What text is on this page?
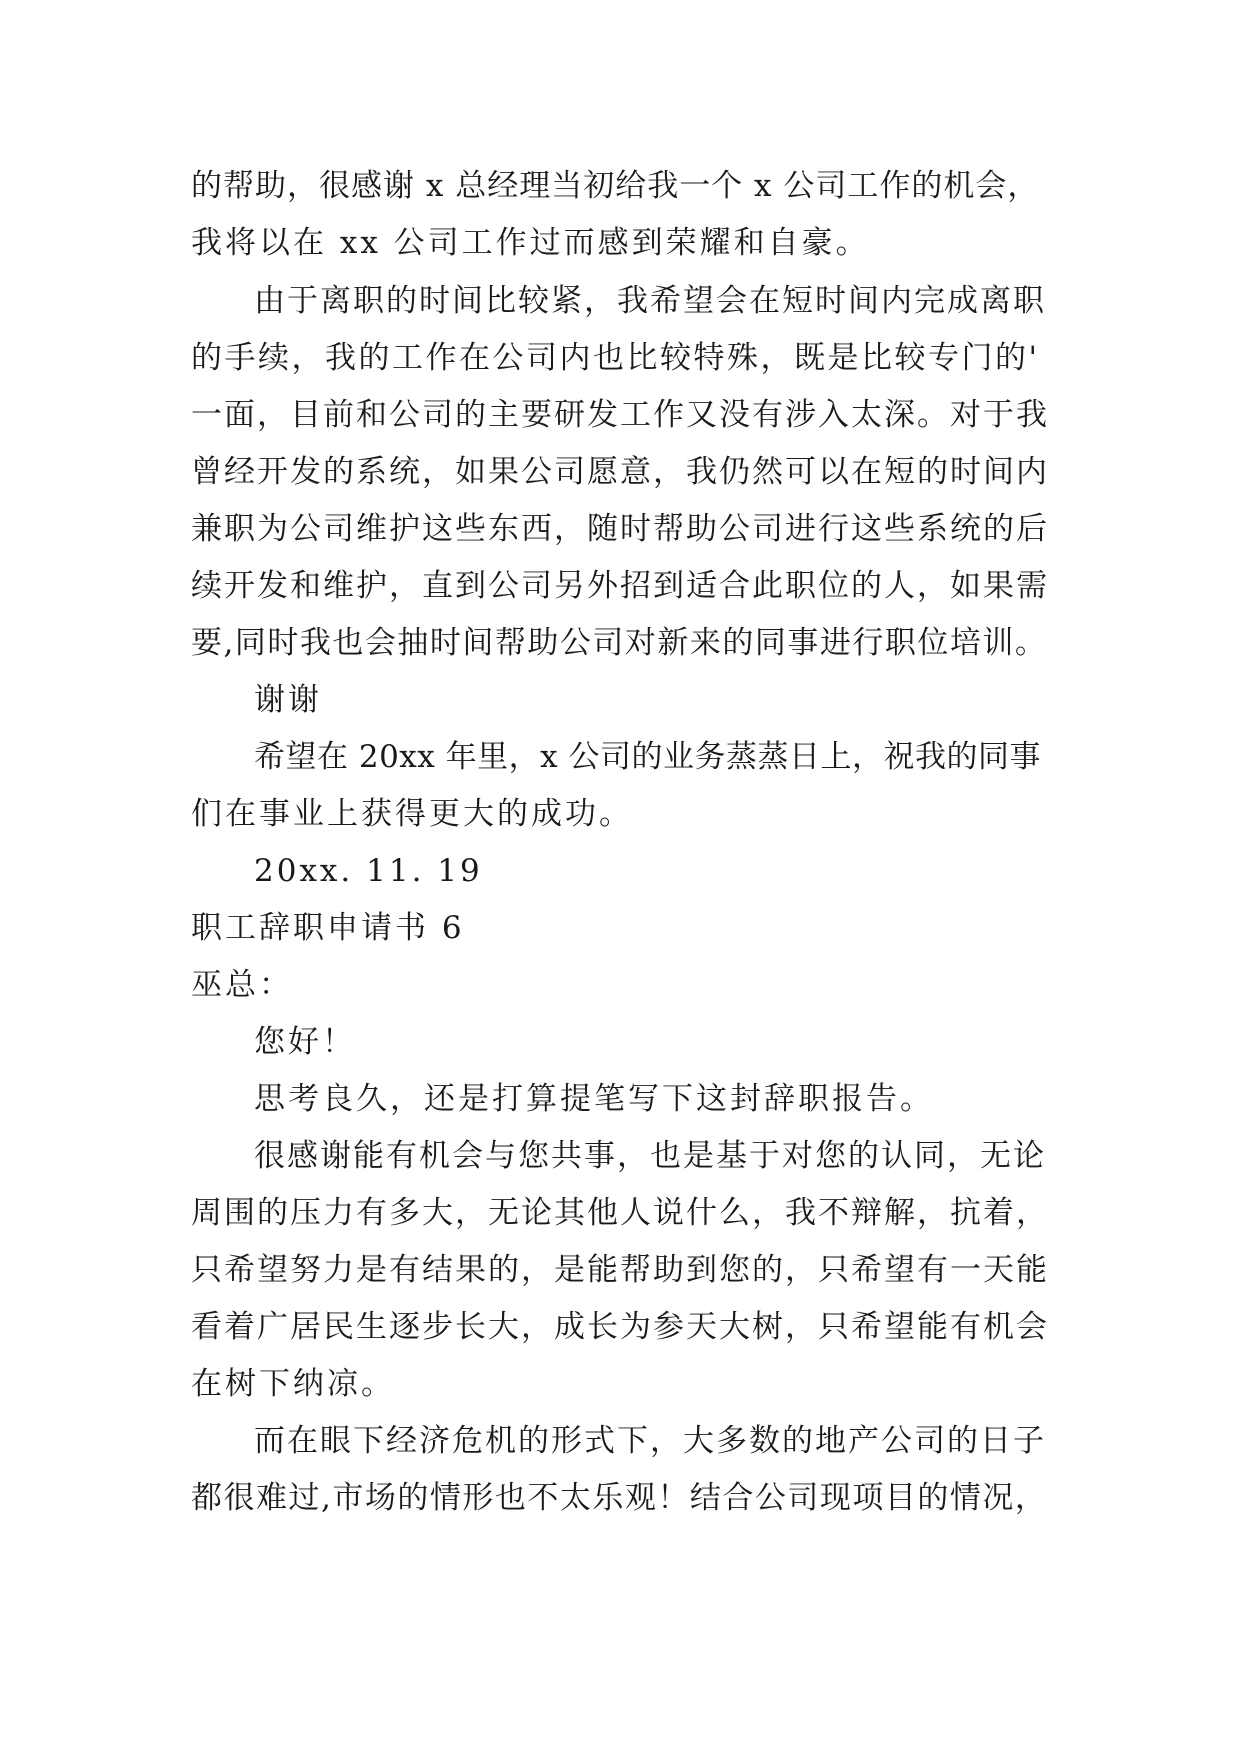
的帮助，很感谢 x 总经理当初给我一个 x 公司工作的机会，
我将以在 xx 公司工作过而感到荣耀和自豪。
由于离职的时间比较紧，我希望会在短时间内完成离职
的手续，我的工作在公司内也比较特殊，既是比较专门的'
一面，目前和公司的主要研发工作又没有涉入太深。对于我
曾经开发的系统，如果公司愿意，我仍然可以在短的时间内
兼职为公司维护这些东西，随时帮助公司进行这些系统的后
续开发和维护，直到公司另外招到适合此职位的人，如果需
要,同时我也会抽时间帮助公司对新来的同事进行职位培训。
谢谢
希望在 20xx 年里，x 公司的业务蒸蒸日上，祝我的同事
们在事业上获得更大的成功。
20xx. 11. 19
职工辞职申请书 6
巫总：
您好！
思考良久，还是打算提笔写下这封辞职报告。
很感谢能有机会与您共事，也是基于对您的认同，无论
周围的压力有多大，无论其他人说什么，我不辩解，抗着，
只希望努力是有结果的，是能帮助到您的，只希望有一天能
看着广居民生逐步长大，成长为参天大树，只希望能有机会
在树下纳凉。
而在眼下经济危机的形式下，大多数的地产公司的日子
都很难过,市场的情形也不太乐观！结合公司现项目的情况，
